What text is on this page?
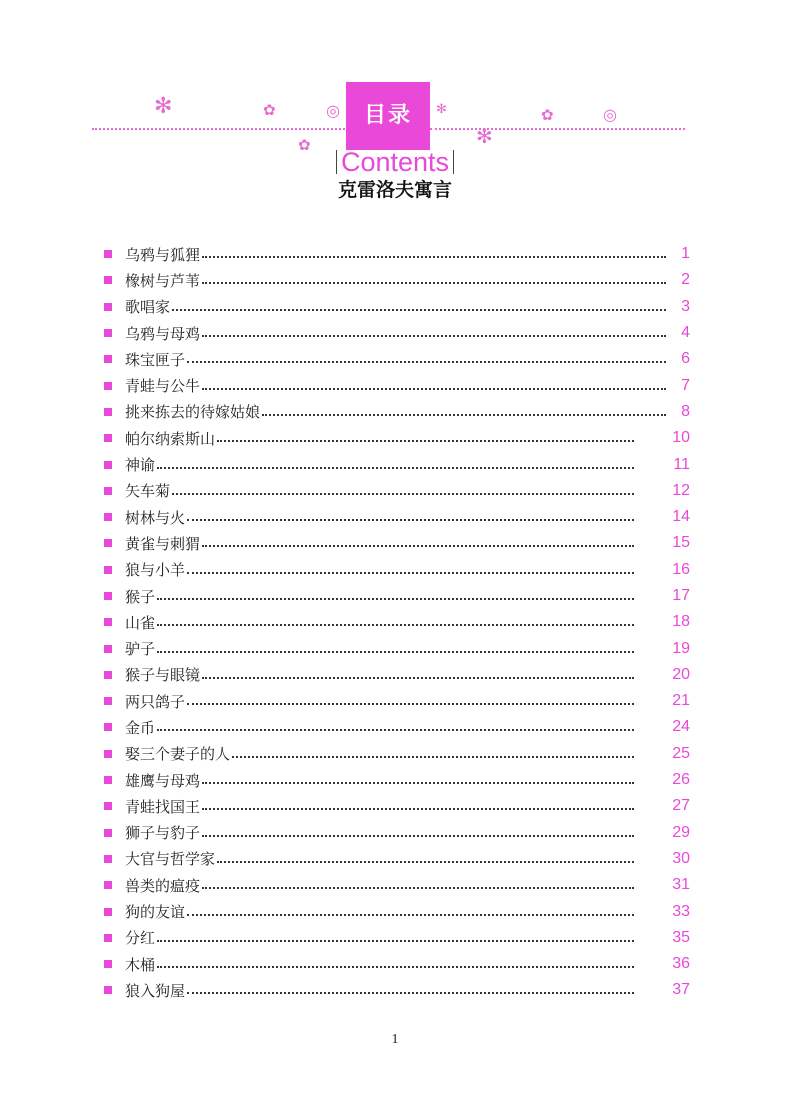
✻	✿	◎
✿
✻
✻
✿	◎
目录
Contents
克雷洛夫寓言
乌鸦与狐狸	1
橡树与芦苇	2
歌唱家	3
乌鸦与母鸡	4
珠宝匣子	6
青蛙与公牛	7
挑来拣去的待嫁姑娘	8
帕尔纳索斯山	10
神谕	11
矢车菊	12
树林与火	14
黄雀与刺猬	15
狼与小羊	16
猴子	17
山雀	18
驴子	19
猴子与眼镜	20
两只鸽子	21
金币	24
娶三个妻子的人	25
雄鹰与母鸡	26
青蛙找国王	27
狮子与豹子	29
大官与哲学家	30
兽类的瘟疫	31
狗的友谊	33
分红	35
木桶	36
狼入狗屋	37
1
